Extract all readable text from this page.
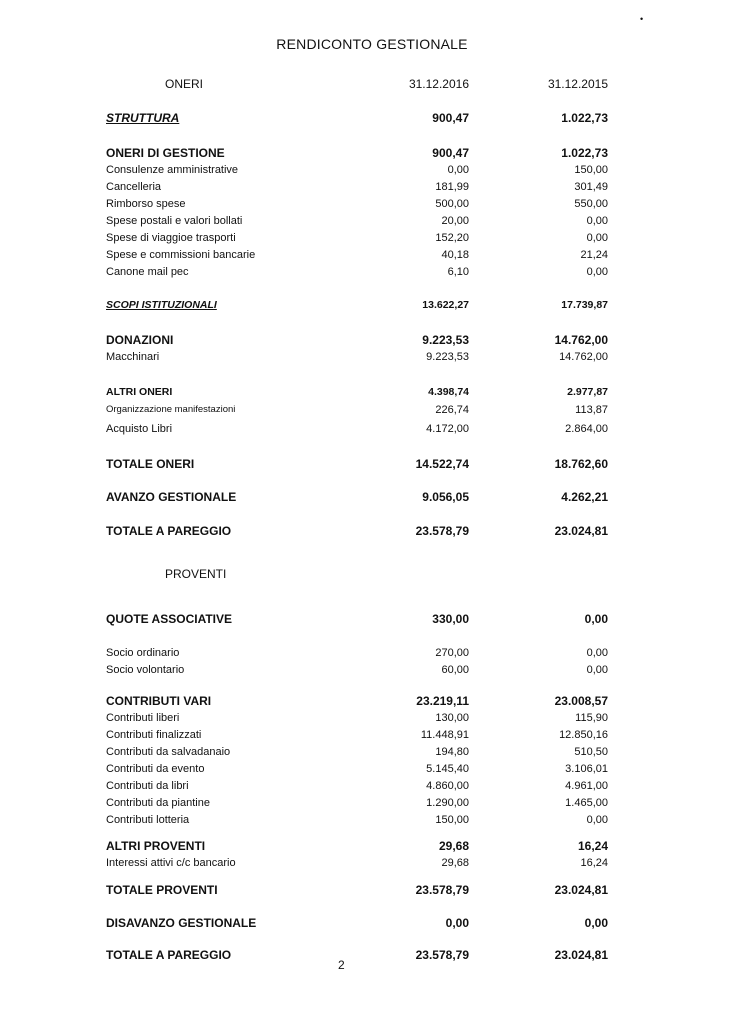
•
RENDICONTO GESTIONALE
ONERI	31.12.2016	31.12.2015
STRUTTURA	900,47	1.022,73
ONERI DI GESTIONE	900,47	1.022,73
Consulenze amministrative	0,00	150,00
Cancelleria	181,99	301,49
Rimborso spese	500,00	550,00
Spese postali e valori bollati	20,00	0,00
Spese di viaggioe trasporti	152,20	0,00
Spese e commissioni bancarie	40,18	21,24
Canone mail pec	6,10	0,00
SCOPI ISTITUZIONALI	13.622,27	17.739,87
DONAZIONI	9.223,53	14.762,00
Macchinari	9.223,53	14.762,00
ALTRI ONERI	4.398,74	2.977,87
Organizzazione manifestazioni	226,74	113,87
Acquisto Libri	4.172,00	2.864,00
TOTALE ONERI	14.522,74	18.762,60
AVANZO GESTIONALE	9.056,05	4.262,21
TOTALE A PAREGGIO	23.578,79	23.024,81
PROVENTI
QUOTE ASSOCIATIVE	330,00	0,00
Socio ordinario	270,00	0,00
Socio volontario	60,00	0,00
CONTRIBUTI VARI	23.219,11	23.008,57
Contributi liberi	130,00	115,90
Contributi finalizzati	11.448,91	12.850,16
Contributi da salvadanaio	194,80	510,50
Contributi da evento	5.145,40	3.106,01
Contributi da libri	4.860,00	4.961,00
Contributi da piantine	1.290,00	1.465,00
Contributi lotteria	150,00	0,00
ALTRI PROVENTI	29,68	16,24
Interessi attivi c/c bancario	29,68	16,24
TOTALE PROVENTI	23.578,79	23.024,81
DISAVANZO GESTIONALE	0,00	0,00
TOTALE A PAREGGIO	23.578,79	23.024,81
2
